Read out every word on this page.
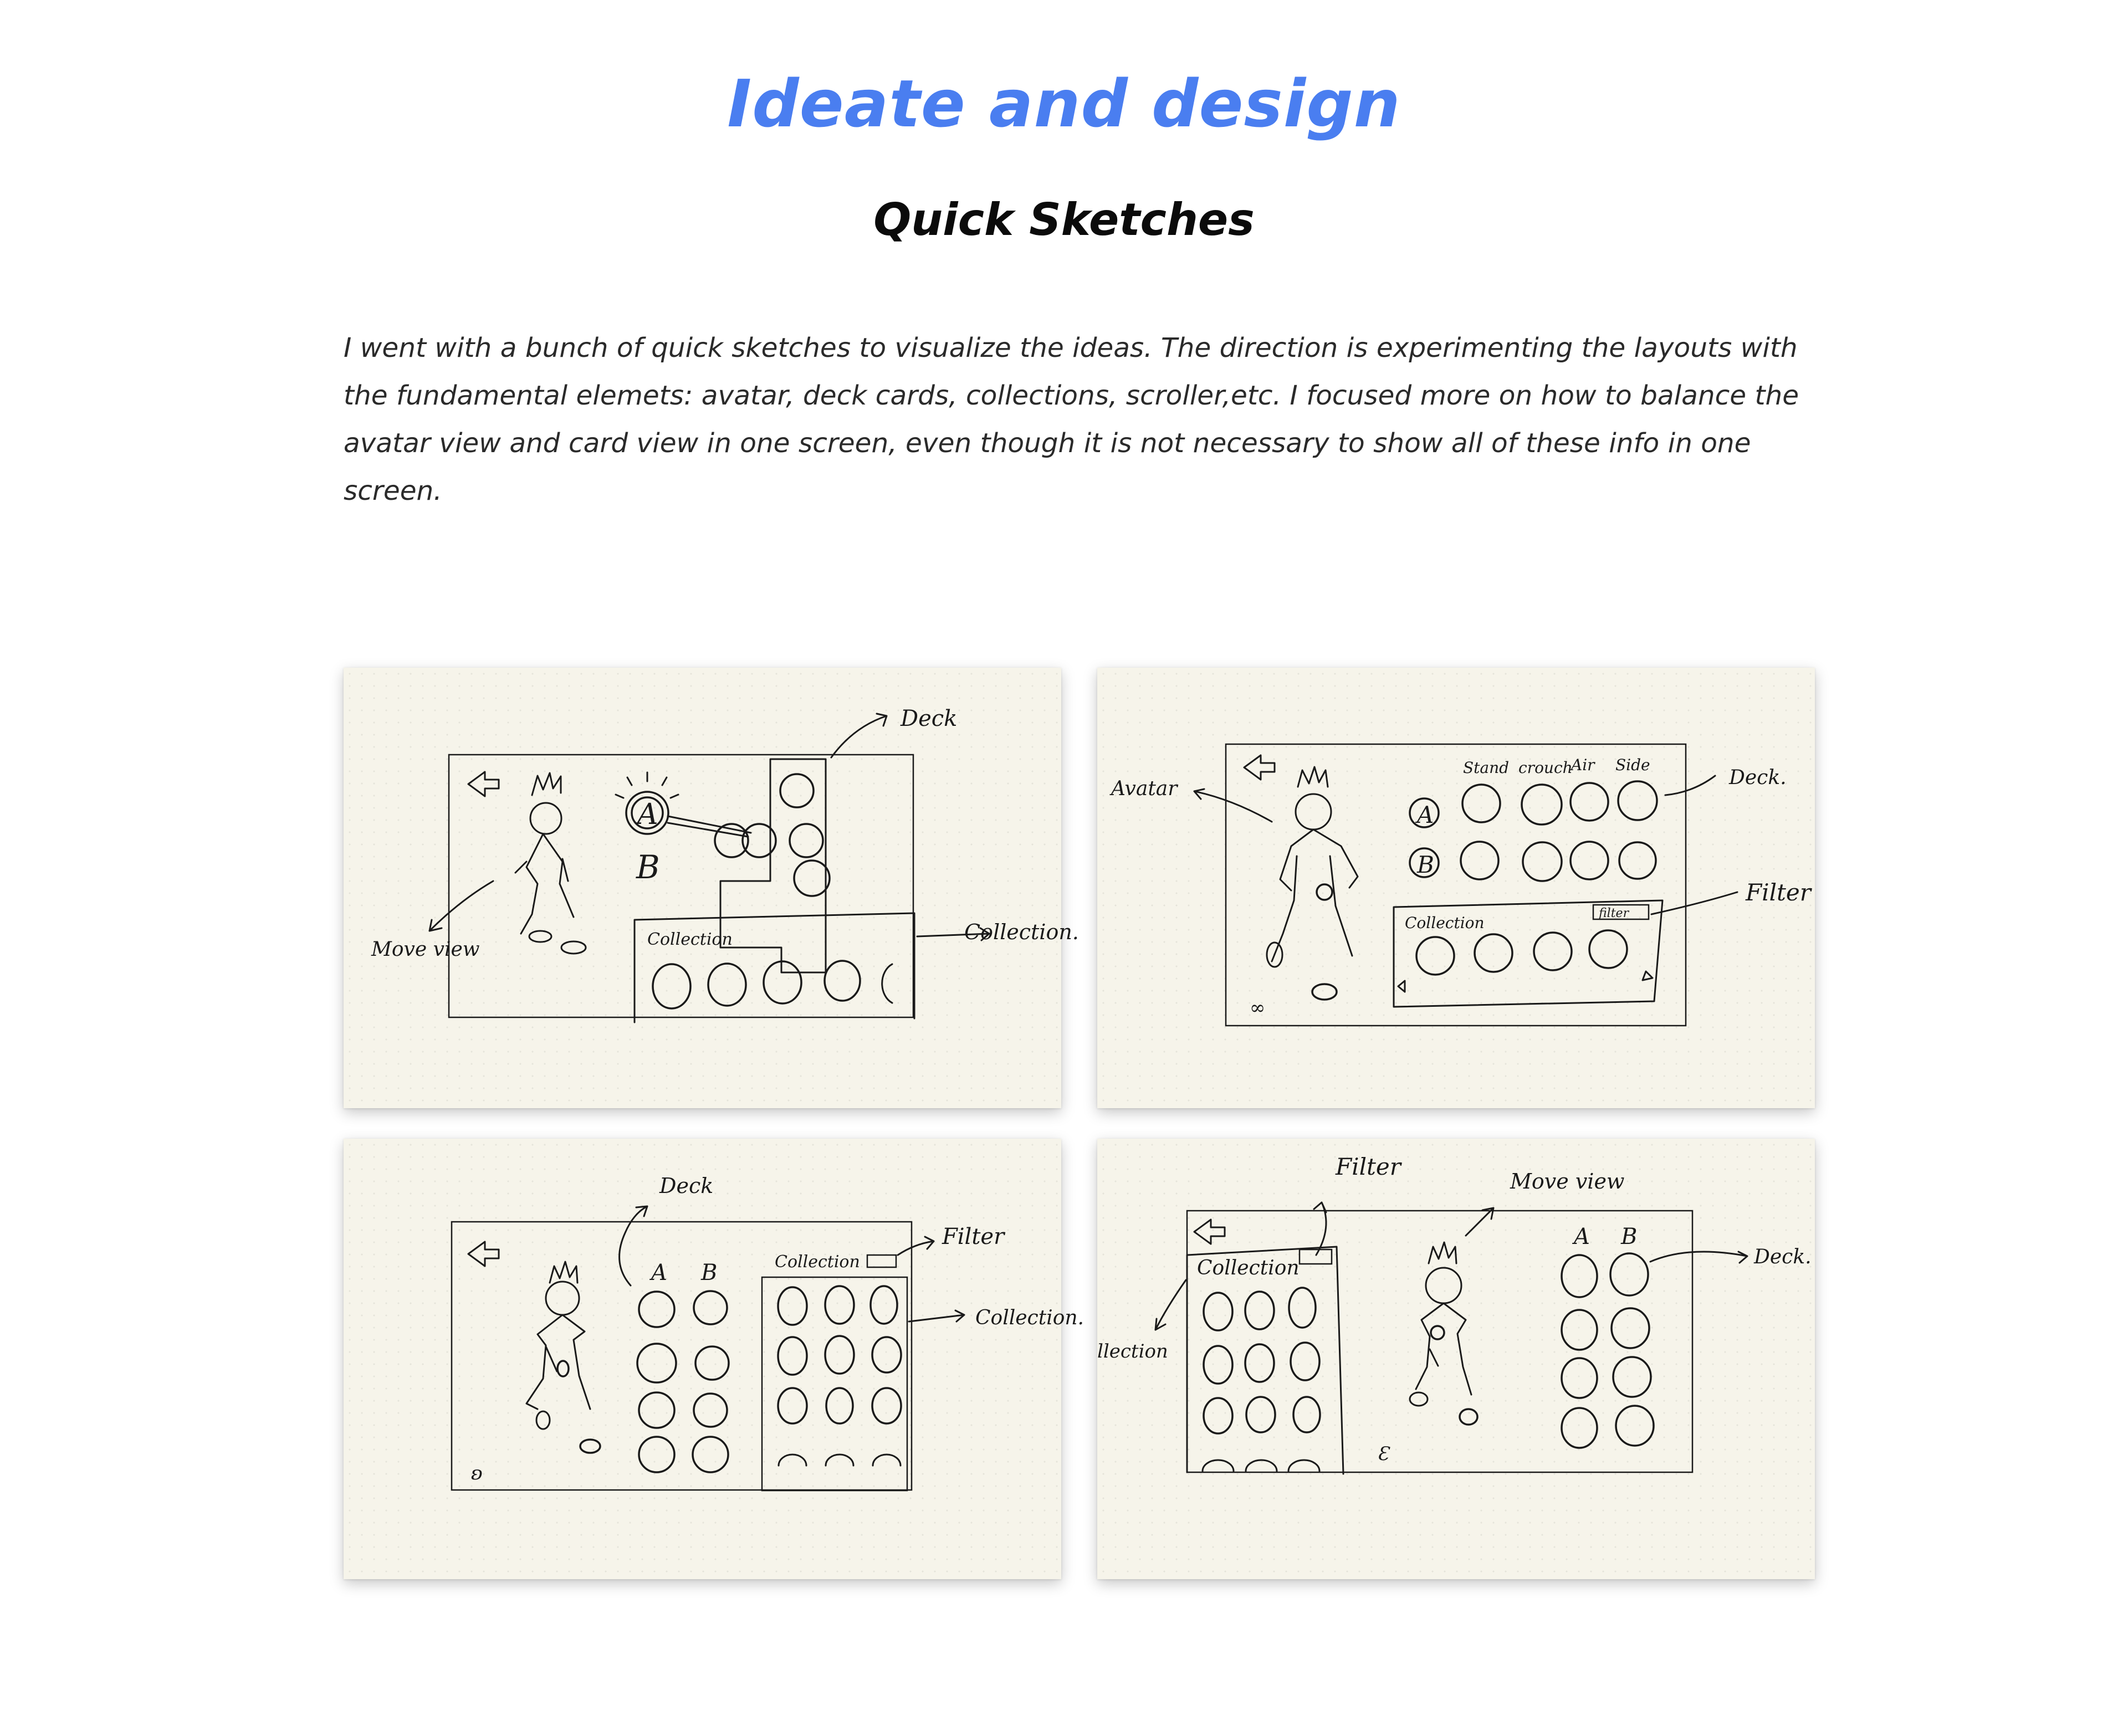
Ideate and design
Quick Sketches

I went with a bunch of quick sketches to visualize the ideas. The direction is experimenting the layouts with the fundamental elemets: avatar, deck cards, collections, scroller,etc. I focused more on how to balance the avatar view and card view in one screen, even though it is not necessary to show all of these info in one screen.

A
B
Collection
Deck
Move view
Collection.
∞
A
B
Stand crouch
Air Side
Collection
filter
Avatar	Deck.
Filter
ʚ
A B	Collection
Deck
Filter
Collection.
Collection
Ɛ
A B
Filter
Move view
Deck.
llection
